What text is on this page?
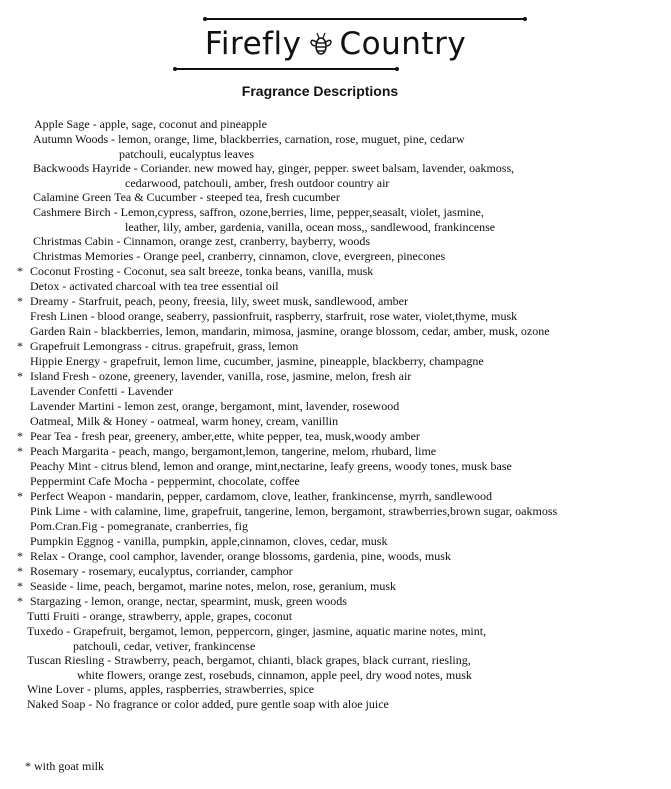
Firefly Country
Fragrance Descriptions
Apple Sage - apple, sage, coconut and pineapple
Autumn Woods - lemon, orange, lime, blackberries, carnation, rose, muguet, pine, cedarw
patchouli, eucalyptus leaves
Backwoods Hayride - Coriander. new mowed hay, ginger, pepper. sweet balsam, lavender, oakmoss,
cedarwood, patchouli, amber, fresh outdoor country air
Calamine Green Tea & Cucumber - steeped tea, fresh cucumber
Cashmere Birch - Lemon,cypress, saffron, ozone,berries, lime, pepper,seasalt, violet, jasmine,
leather, lily, amber, gardenia, vanilla, ocean moss,, sandlewood, frankincense
Christmas Cabin - Cinnamon, orange zest, cranberry, bayberry, woods
Christmas Memories - Orange peel, cranberry, cinnamon, clove, evergreen, pinecones
* Coconut Frosting - Coconut, sea salt breeze, tonka beans, vanilla, musk
Detox - activated charcoal with tea tree essential oil
* Dreamy - Starfruit, peach, peony, freesia, lily, sweet musk, sandlewood, amber
Fresh Linen - blood orange, seaberry, passionfruit, raspberry, starfruit, rose water, violet,thyme, musk
Garden Rain - blackberries, lemon, mandarin, mimosa, jasmine, orange blossom, cedar, amber, musk, ozone
* Grapefruit Lemongrass - citrus. grapefruit, grass, lemon
Hippie Energy - grapefruit, lemon lime, cucumber, jasmine, pineapple, blackberry, champagne
* Island Fresh - ozone, greenery, lavender, vanilla, rose, jasmine, melon, fresh air
Lavender Confetti - Lavender
Lavender Martini - lemon zest, orange, bergamont, mint, lavender, rosewood
Oatmeal, Milk & Honey - oatmeal, warm honey, cream, vanillin
* Pear Tea - fresh pear, greenery, amber,ette, white pepper, tea, musk,woody amber
* Peach Margarita - peach, mango, bergamont,lemon, tangerine, melom, rhubard, lime
Peachy Mint - citrus blend, lemon and orange, mint,nectarine, leafy greens, woody tones, musk base
Peppermint Cafe Mocha - peppermint, chocolate, coffee
* Perfect Weapon - mandarin, pepper, cardamom, clove, leather, frankincense, myrrh, sandlewood
Pink Lime - with calamine, lime, grapefruit, tangerine, lemon, bergamont, strawberries,brown sugar, oakmoss
Pom.Cran.Fig - pomegranate, cranberries, fig
Pumpkin Eggnog - vanilla, pumpkin, apple,cinnamon, cloves, cedar, musk
* Relax - Orange, cool camphor, lavender, orange blossoms, gardenia, pine, woods, musk
* Rosemary - rosemary, eucalyptus, corriander, camphor
* Seaside - lime, peach, bergamot, marine notes, melon, rose, geranium, musk
* Stargazing - lemon, orange, nectar, spearmint, musk, green woods
Tutti Fruiti - orange, strawberry, apple, grapes, coconut
Tuxedo - Grapefruit, bergamot, lemon, peppercorn, ginger, jasmine, aquatic marine notes, mint,
patchouli, cedar, vetiver, frankincense
Tuscan Riesling - Strawberry, peach, bergamot, chianti, black grapes, black currant, riesling,
white flowers, orange zest, rosebuds, cinnamon, apple peel, dry wood notes, musk
Wine Lover - plums, apples, raspberries, strawberries, spice
Naked Soap - No fragrance or color added, pure gentle soap with aloe juice
* with goat milk
